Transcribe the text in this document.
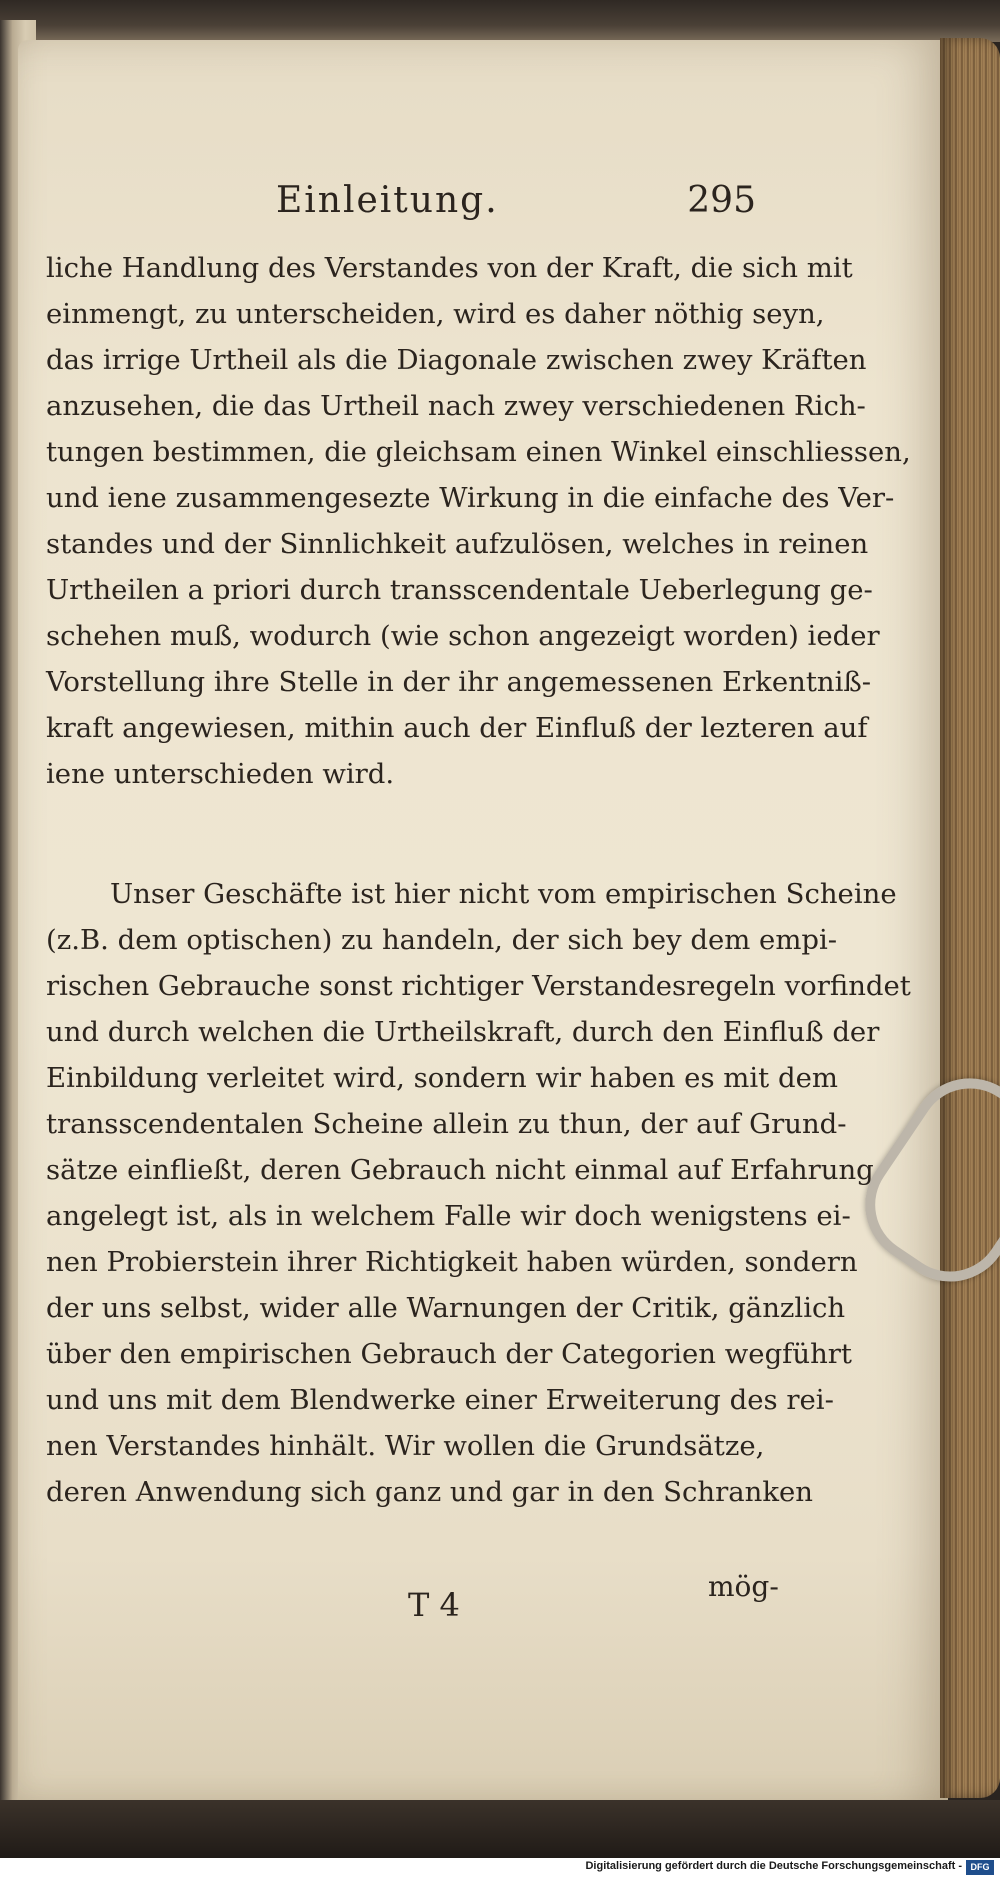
Einleitung.	295
liche Handlung des Verstandes von der Kraft, die sich mit
einmengt, zu unterscheiden, wird es daher nöthig seyn,
das irrige Urtheil als die Diagonale zwischen zwey Kräften
anzusehen, die das Urtheil nach zwey verschiedenen Rich-
tungen bestimmen, die gleichsam einen Winkel einschliessen,
und iene zusammengesezte Wirkung in die einfache des Ver-
standes und der Sinnlichkeit aufzulösen, welches in reinen
Urtheilen a priori durch transscendentale Ueberlegung ge-
schehen muß, wodurch (wie schon angezeigt worden) ieder
Vorstellung ihre Stelle in der ihr angemessenen Erkentniß-
kraft angewiesen, mithin auch der Einfluß der lezteren auf
iene unterschieden wird.
Unser Geschäfte ist hier nicht vom empirischen Scheine
(z.B. dem optischen) zu handeln, der sich bey dem empi-
rischen Gebrauche sonst richtiger Verstandesregeln vorfindet
und durch welchen die Urtheilskraft, durch den Einfluß der
Einbildung verleitet wird, sondern wir haben es mit dem
transscendentalen Scheine allein zu thun, der auf Grund-
sätze einfließt, deren Gebrauch nicht einmal auf Erfahrung
angelegt ist, als in welchem Falle wir doch wenigstens ei-
nen Probierstein ihrer Richtigkeit haben würden, sondern
der uns selbst, wider alle Warnungen der Critik, gänzlich
über den empirischen Gebrauch der Categorien wegführt
und uns mit dem Blendwerke einer Erweiterung des rei-
nen Verstandes hinhält. Wir wollen die Grundsätze,
deren Anwendung sich ganz und gar in den Schranken
T 4	mög-
Digitalisierung gefördert durch die Deutsche Forschungsgemeinschaft - DFG
